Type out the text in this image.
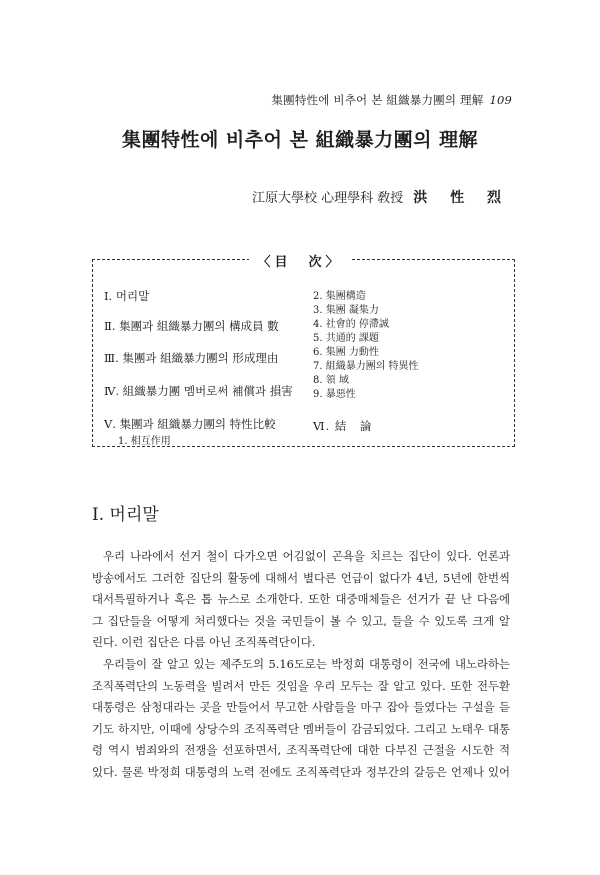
集團特性에 비추어 본 組織暴力團의 理解 109
集團特性에 비추어 본 組織暴力團의 理解
江原大學校 心理學科 敎授 洪 性 烈
〈目　次〉
Ⅰ. 머리말
Ⅱ. 集團과 組織暴力團의 構成員 數
Ⅲ. 集團과 組織暴力團의 形成理由
Ⅳ. 組織暴力團 멤버로써 補償과 損害
Ⅴ. 集團과 組織暴力團의 特性比較
1. 相互作用
2. 集團構造
3. 集團 凝集力
4. 社會的 停滯誠
5. 共通的 課題
6. 集團 力動性
7. 組織暴力團의 特異性
8. 領 域
9. 暴惡性
Ⅵ. 結　論
Ⅰ. 머리말
우리 나라에서 선거 철이 다가오면 어김없이 곤욕을 치르는 집단이 있다. 언론과
방송에서도 그러한 집단의 활동에 대해서 별다른 언급이 없다가 4년, 5년에 한번씩
대서특필하거나 혹은 톱 뉴스로 소개한다. 또한 대중매체들은 선거가 끝 난 다음에
그 집단들을 어떻게 처리했다는 것을 국민들이 볼 수 있고, 들을 수 있도록 크게 알
린다. 이런 집단은 다름 아닌 조직폭력단이다.
우리들이 잘 알고 있는 제주도의 5.16도로는 박정희 대통령이 전국에 내노라하는
조직폭력단의 노동력을 빌려서 만든 것임을 우리 모두는 잘 알고 있다. 또한 전두환
대통령은 삼청대라는 곳을 만들어서 무고한 사람들을 마구 잡아 들였다는 구설을 듣
기도 하지만, 이때에 상당수의 조직폭력단 멤버들이 감금되었다. 그리고 노태우 대통
령 역시 범죄와의 전쟁을 선포하면서, 조직폭력단에 대한 다부진 근절을 시도한 적
있다. 물론 박정희 대통령의 노력 전에도 조직폭력단과 정부간의 갈등은 언제나 있어
